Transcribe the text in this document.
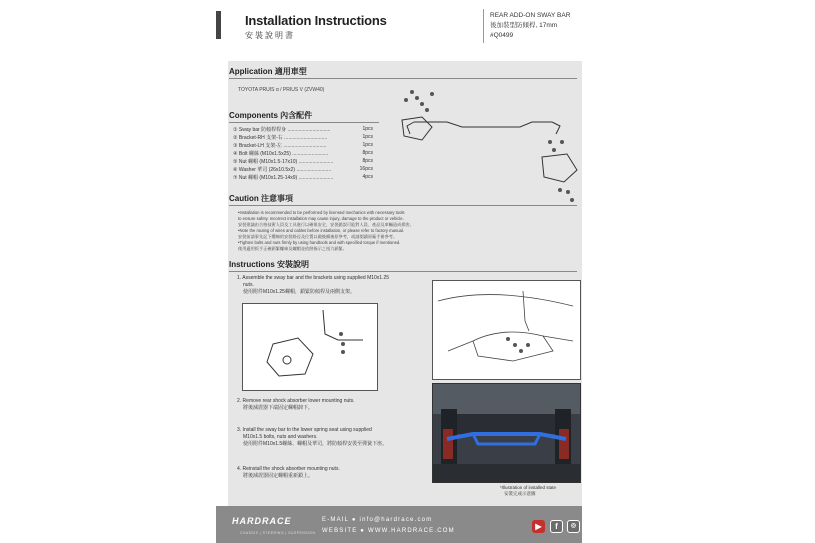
Installation Instructions
安裝說明書
REAR ADD-ON SWAY BAR
後加裝型防傾桿, 17mm
#Q0499
Application 適用車型
TOYOTA PRUIS α / PRIUS V (ZVW40)
Components 內含配件
① Sway bar 防傾桿桿身 ...............................	1pcs
② Bracket-RH 支架-右 ...............................	1pcs
③ Bracket-LH 支架-左 ...............................	1pcs
④ Bolt 螺絲 (M10x1.5x25) ..........................	8pcs
⑤ Nut 螺帽 (M10x1.5-17x10) .........................	8pcs
⑥ Washer 華司 (26x10.5x2) .........................	16pcs
⑦ Nut 螺帽 (M10x1.25-14x9) .........................	4pcs
Caution 注意事項
•Installation is recommended to be performed by licensed mechanics with necessary tools
to ensure safety. Incorrect installation may cause injury, damage to the product or vehicle.
安裝建議由合格技術人員及工具進行以確保安全，安裝錯誤可能對人員、產品及車輛造成損害。
•Note the routing of wires and cables before installation, or please refer to factory manual.
安裝前請事先記下纜線的安裝路徑及位置以做後續複原參考，或請閱讀原廠手冊參考。
•Tighten bolts and nuts firmly by using handtools and with specified torque if mentioned.
使用適用扳手正確鎖緊螺絲及螺帽並依照指示之扭力鎖緊。
Instructions 安裝說明
1. Assemble the sway bar and the brackets using supplied M10x1.25
nuts.
使用附件M10x1.25螺帽，鎖緊防傾桿及兩側支架。
2. Remove rear shock absorber lower mounting nuts.
將後減震器下端固定螺帽卸下。
3. Install the sway bar to the lower spring seat using supplied
M10x1.5 bolts, nuts and washers.
使用附件M10x1.5螺絲、螺帽及華司，將防傾桿安裝至彈簧下座。
4. Reinstall the shock absorber mounting nuts.
將後減震器固定螺帽重新鎖上。
*Illustration of installed state
安裝完成示意圖
HARDRACE
CHASSIS | STEERING | SUSPENSION
E-MAIL ● info@hardrace.com
WEBSITE ● WWW.HARDRACE.COM	▶	f	◎
